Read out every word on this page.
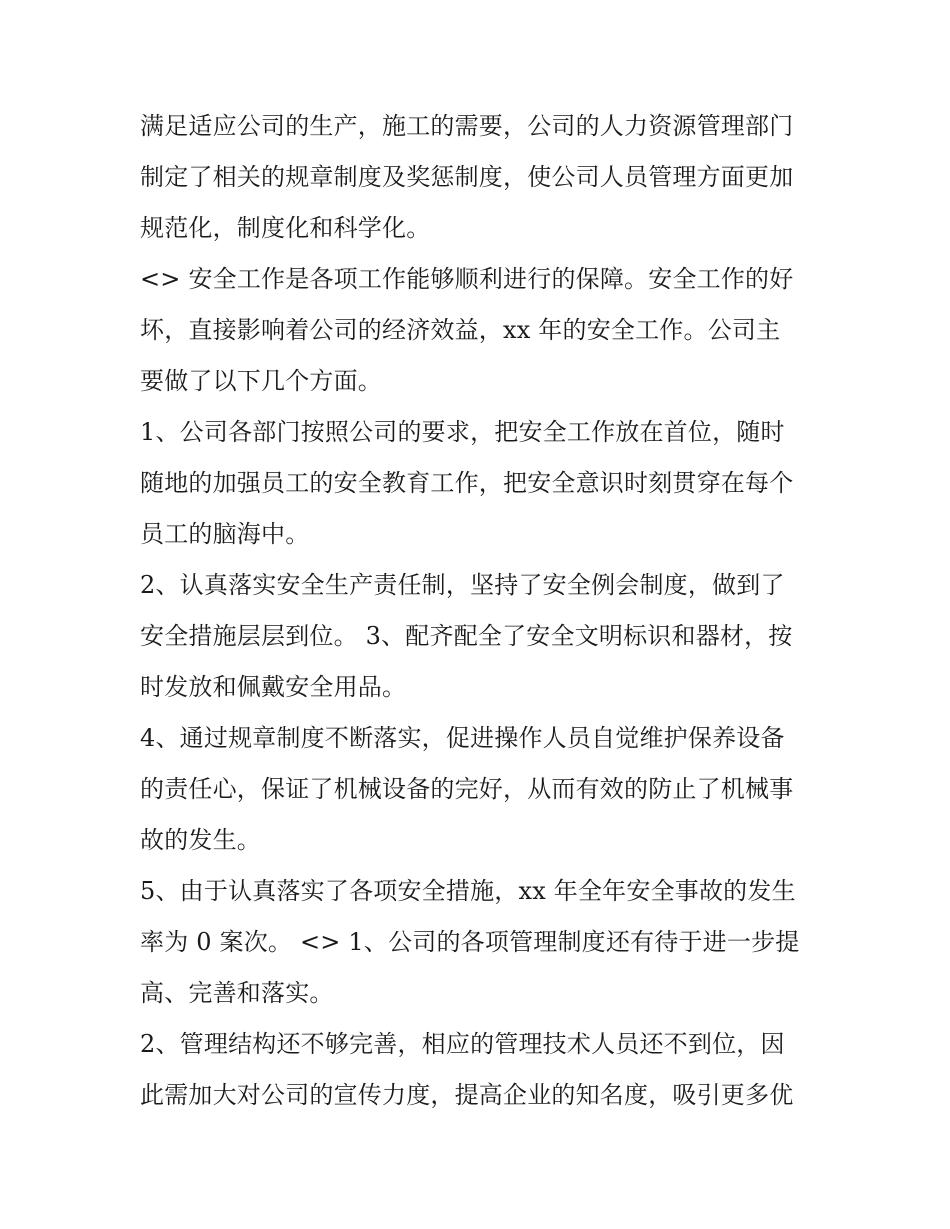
满足适应公司的生产，施工的需要，公司的人力资源管理部门
制定了相关的规章制度及奖惩制度，使公司人员管理方面更加
规范化，制度化和科学化。
<> 安全工作是各项工作能够顺利进行的保障。安全工作的好
坏，直接影响着公司的经济效益，xx 年的安全工作。公司主
要做了以下几个方面。
1、公司各部门按照公司的要求，把安全工作放在首位，随时
随地的加强员工的安全教育工作，把安全意识时刻贯穿在每个
员工的脑海中。
2、认真落实安全生产责任制，坚持了安全例会制度，做到了
安全措施层层到位。 3、配齐配全了安全文明标识和器材，按
时发放和佩戴安全用品。
4、通过规章制度不断落实，促进操作人员自觉维护保养设备
的责任心，保证了机械设备的完好，从而有效的防止了机械事
故的发生。
5、由于认真落实了各项安全措施，xx 年全年安全事故的发生
率为 0 案次。 <> 1、公司的各项管理制度还有待于进一步提
高、完善和落实。
2、管理结构还不够完善，相应的管理技术人员还不到位，因
此需加大对公司的宣传力度，提高企业的知名度，吸引更多优
